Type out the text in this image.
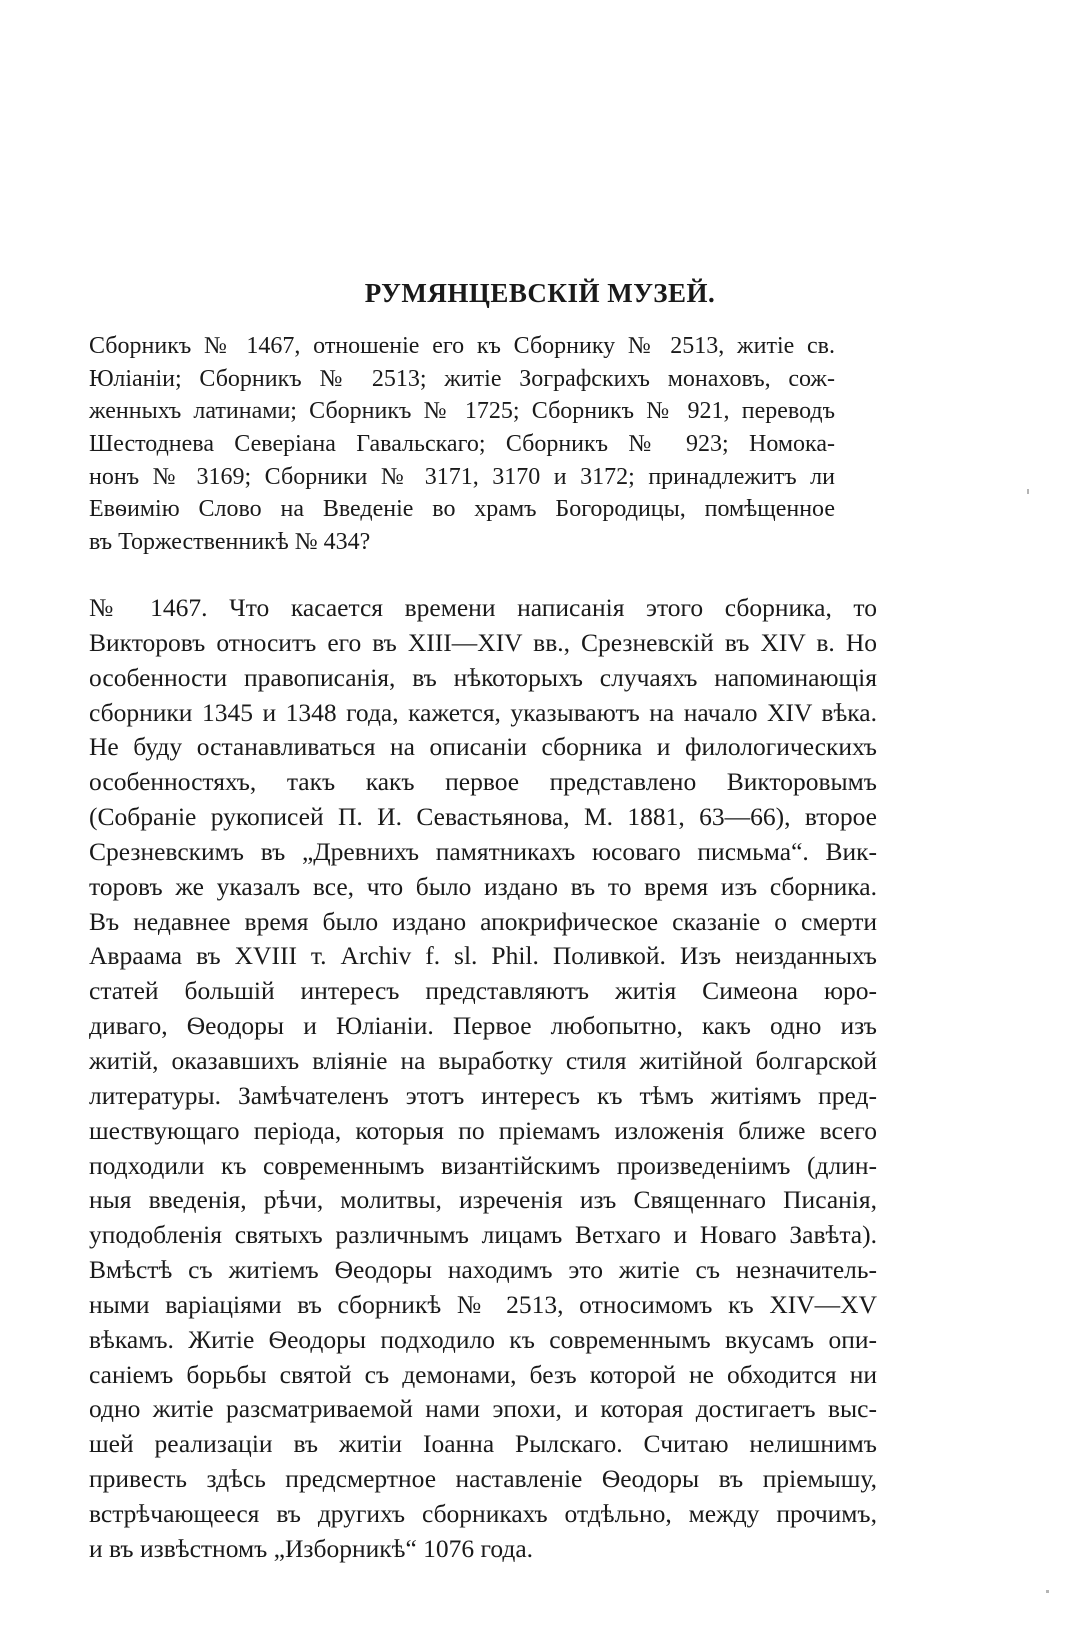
РУМЯНЦЕВСКІЙ МУЗЕЙ.
Сборникъ № 1467, отношеніе его къ Сборнику № 2513, житіе св.
Юліаніи; Сборникъ № 2513; житіе Зографскихъ монаховъ, сож-
женныхъ латинами; Сборникъ № 1725; Сборникъ № 921, переводъ
Шестоднева Северіана Гавальскаго; Сборникъ № 923; Номока-
нонъ № 3169; Сборники № 3171, 3170 и 3172; принадлежитъ ли
Евѳимію Слово на Введеніе во храмъ Богородицы, помѣщенное
въ Торжественникѣ № 434?
№ 1467. Что касается времени написанія этого сборника, то
Викторовъ относитъ его въ XIII—XIV вв., Срезневскій въ XIV в. Но
особенности правописанія, въ нѣкоторыхъ случаяхъ напоминающія
сборники 1345 и 1348 года, кажется, указываютъ на начало XIV вѣка.
Не буду останавливаться на описаніи сборника и филологическихъ
особенностяхъ, такъ какъ первое представлено Викторовымъ
(Собраніе рукописей П. И. Севастьянова, М. 1881, 63—66), второе
Срезневскимъ въ „Древнихъ памятникахъ юсоваго писмьма“. Вик-
торовъ же указалъ все, что было издано въ то время изъ сборника.
Въ недавнее время было издано апокрифическое сказаніе о смерти
Авраама въ XVIII т. Archiv f. sl. Phil. Поливкой. Изъ неизданныхъ
статей большій интересъ представляютъ житія Симеона юро-
диваго, Ѳеодоры и Юліаніи. Первое любопытно, какъ одно изъ
житій, оказавшихъ вліяніе на выработку стиля житійной болгарской
литературы. Замѣчателенъ этотъ интересъ къ тѣмъ житіямъ пред-
шествующаго періода, которыя по пріемамъ изложенія ближе всего
подходили къ современнымъ византійскимъ произведеніимъ (длин-
ныя введенія, рѣчи, молитвы, изреченія изъ Священнаго Писанія,
уподобленія святыхъ различнымъ лицамъ Ветхаго и Новаго Завѣта).
Вмѣстѣ съ житіемъ Ѳеодоры находимъ это житіе съ незначитель-
ными варіаціями въ сборникѣ № 2513, относимомъ къ XIV—XV
вѣкамъ. Житіе Ѳеодоры подходило къ современнымъ вкусамъ опи-
саніемъ борьбы святой съ демонами, безъ которой не обходится ни
одно житіе разсматриваемой нами эпохи, и которая достигаетъ выс-
шей реализаціи въ житіи Іоанна Рылскаго. Считаю нелишнимъ
привесть здѣсь предсмертное наставленіе Ѳеодоры въ пріемышу,
встрѣчающееся въ другихъ сборникахъ отдѣльно, между прочимъ,
и въ извѣстномъ „Изборникѣ“ 1076 года.
